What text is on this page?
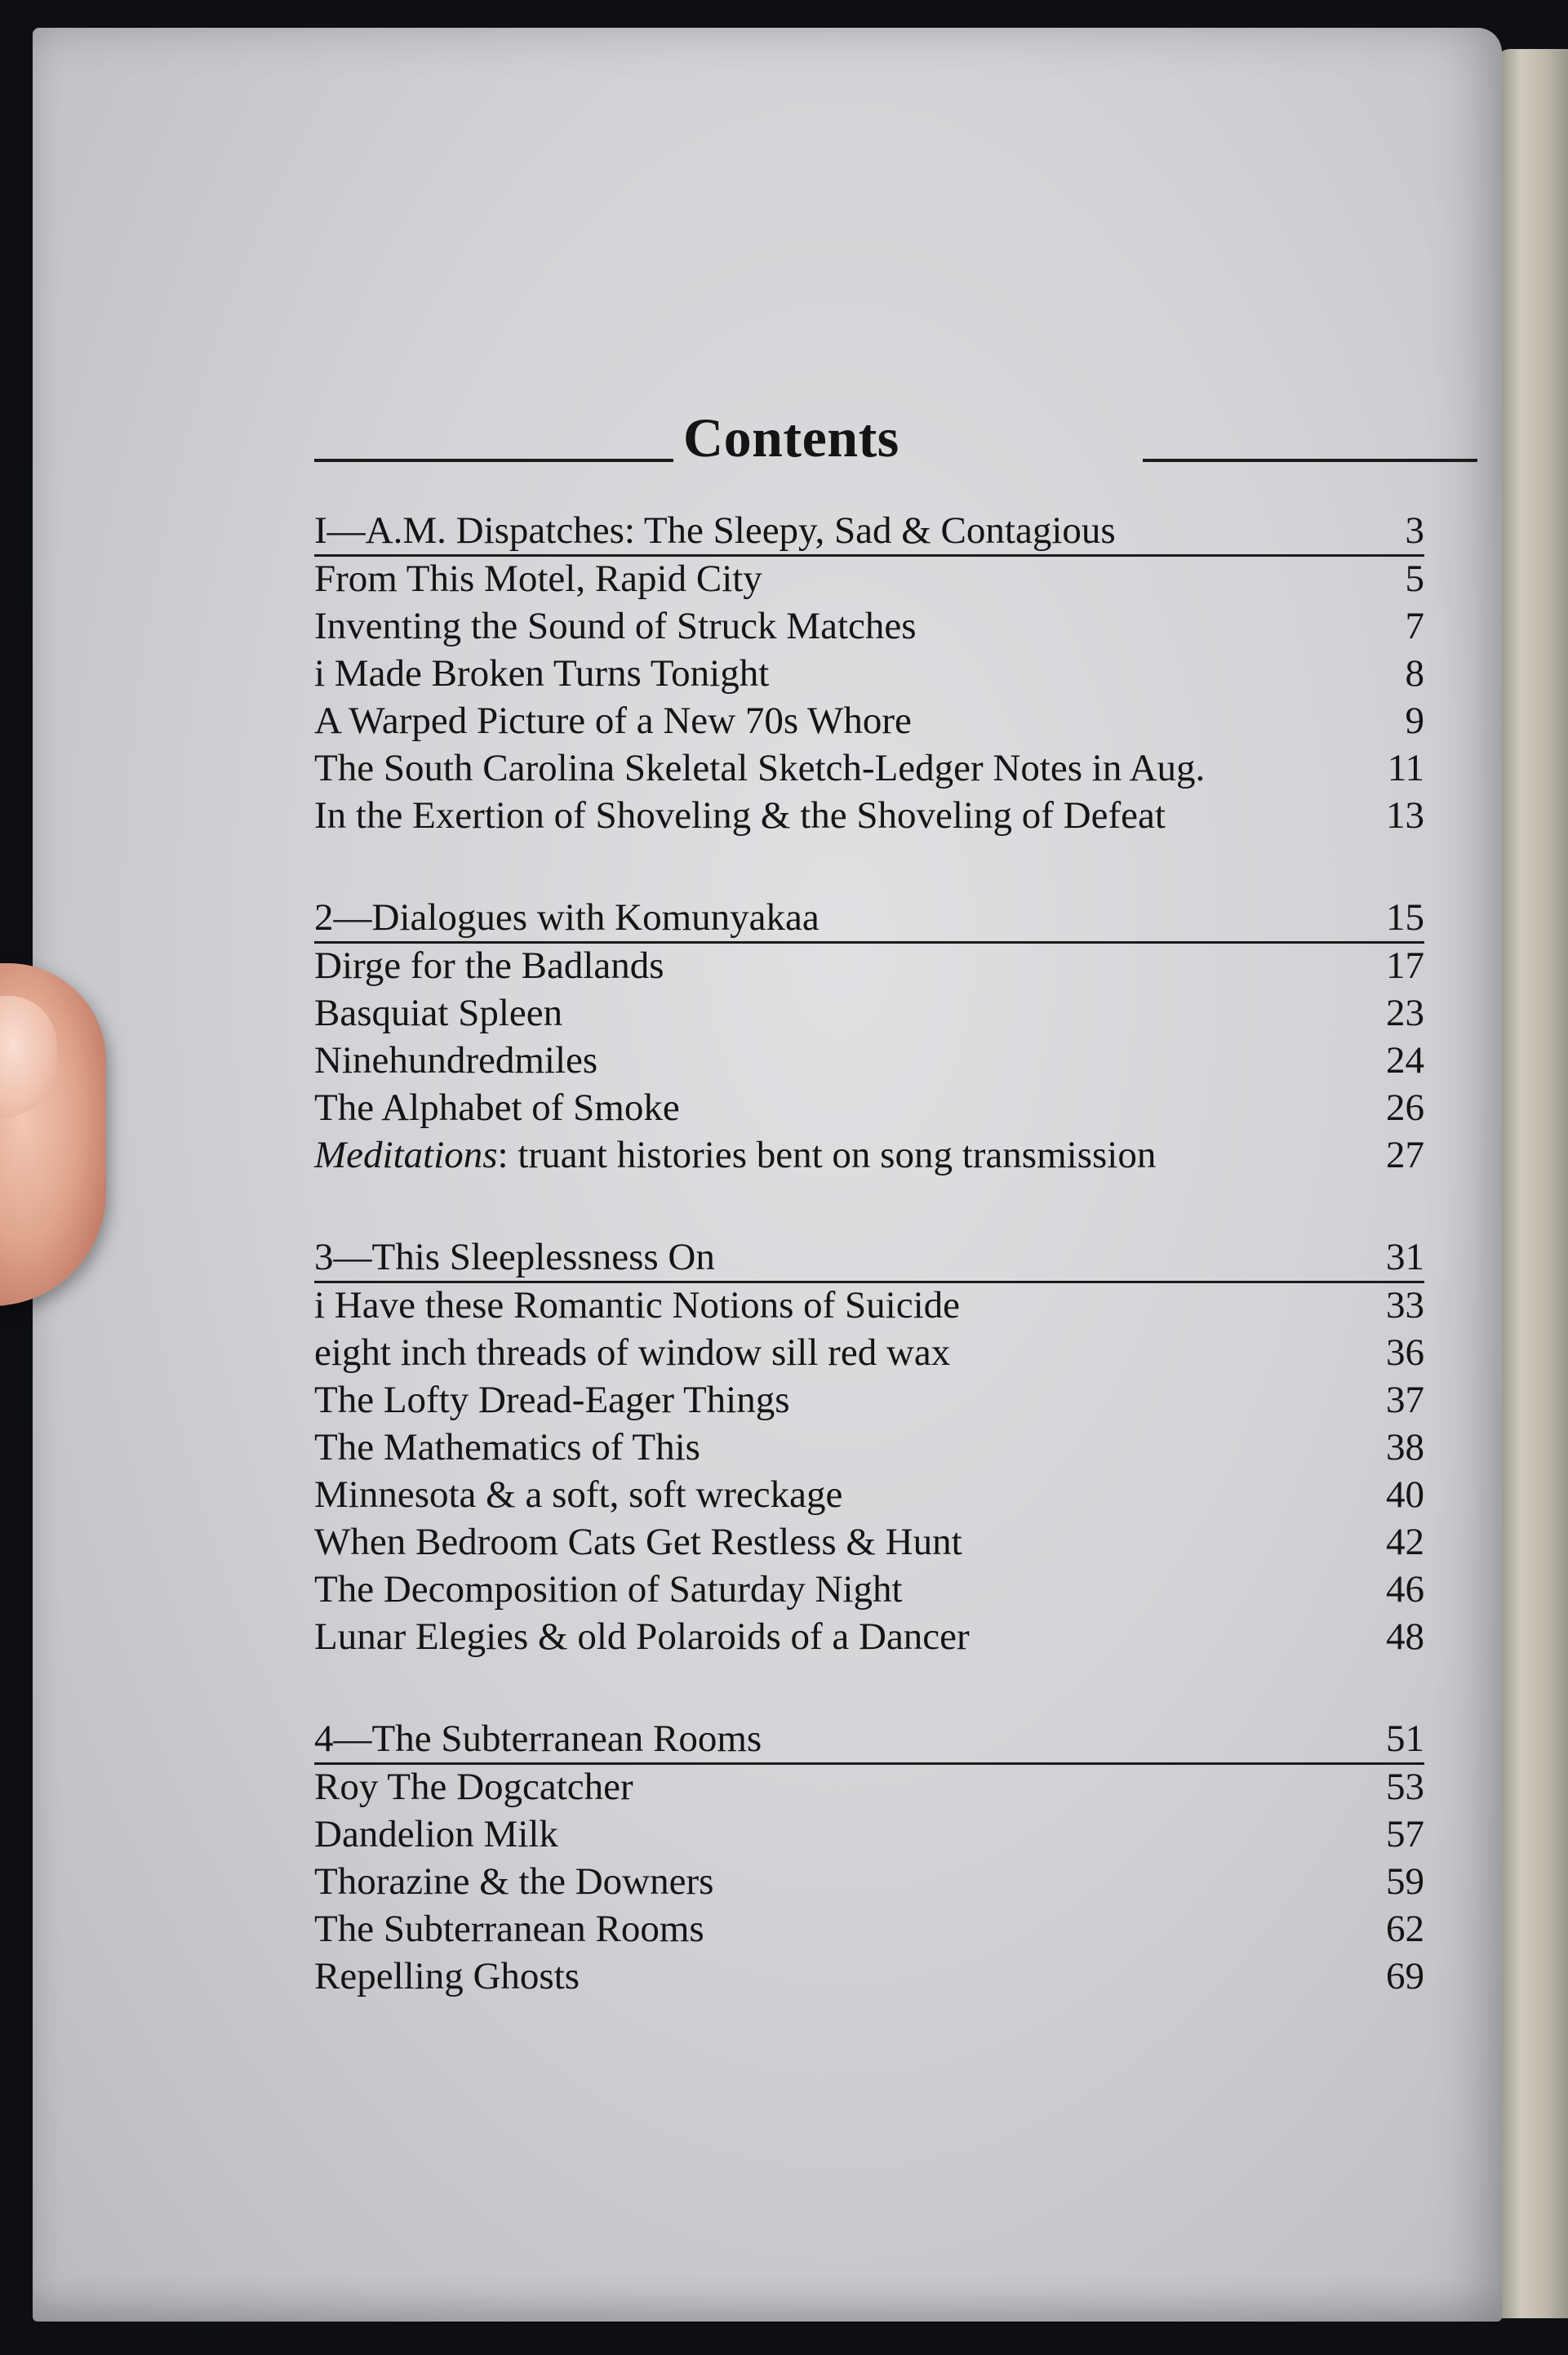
Contents
I—A.M. Dispatches: The Sleepy, Sad & Contagious	3
From This Motel, Rapid City	5
Inventing the Sound of Struck Matches	7
i Made Broken Turns Tonight	8
A Warped Picture of a New 70s Whore	9
The South Carolina Skeletal Sketch-Ledger Notes in Aug.	11
In the Exertion of Shoveling & the Shoveling of Defeat	13
2—Dialogues with Komunyakaa	15
Dirge for the Badlands	17
Basquiat Spleen	23
Ninehundredmiles	24
The Alphabet of Smoke	26
Meditations: truant histories bent on song transmission	27
3—This Sleeplessness On	31
i Have these Romantic Notions of Suicide	33
eight inch threads of window sill red wax	36
The Lofty Dread-Eager Things	37
The Mathematics of This	38
Minnesota & a soft, soft wreckage	40
When Bedroom Cats Get Restless & Hunt	42
The Decomposition of Saturday Night	46
Lunar Elegies & old Polaroids of a Dancer	48
4—The Subterranean Rooms	51
Roy The Dogcatcher	53
Dandelion Milk	57
Thorazine & the Downers	59
The Subterranean Rooms	62
Repelling Ghosts	69
